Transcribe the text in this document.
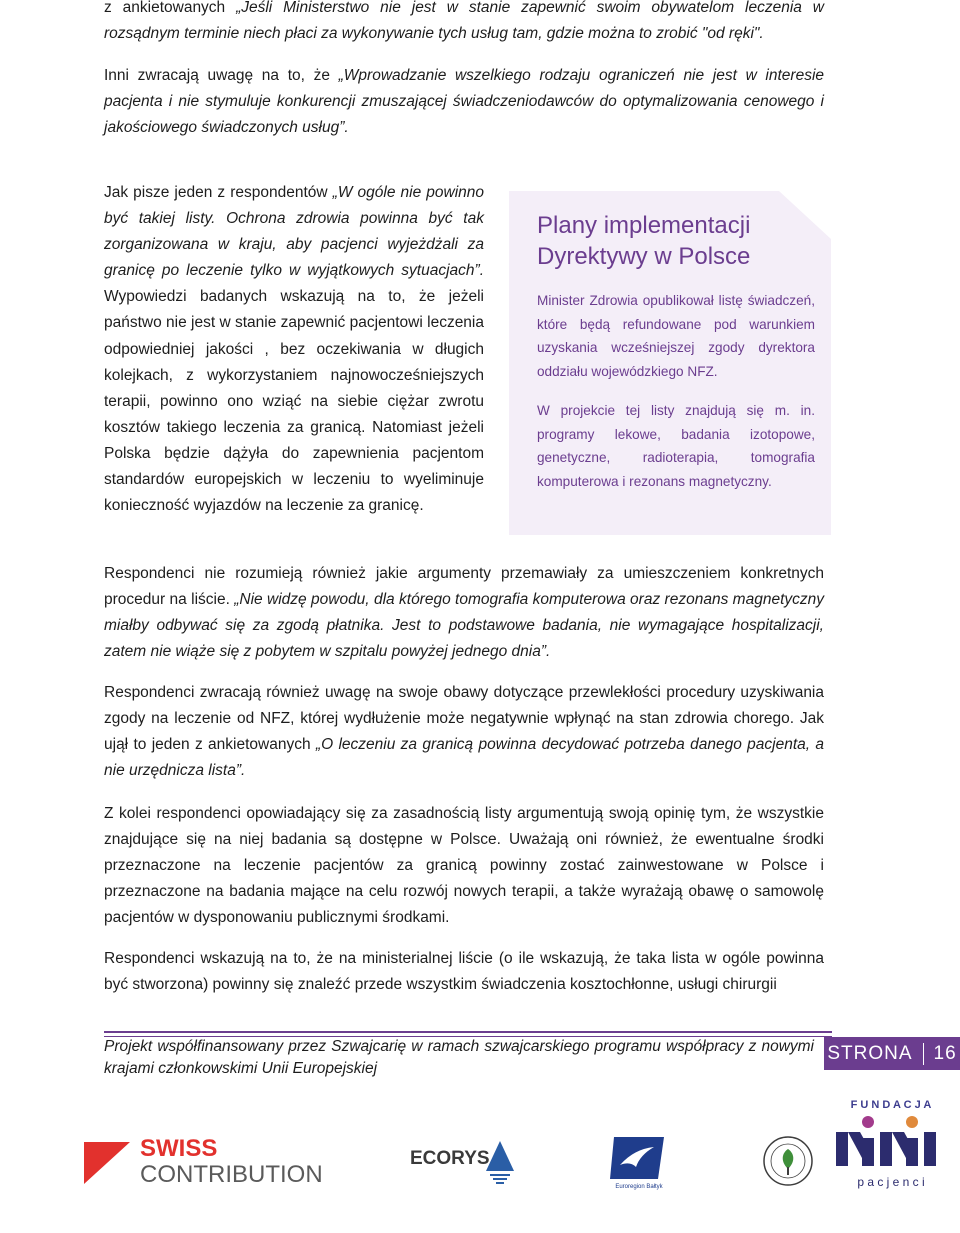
z ankietowanych „Jeśli Ministerstwo nie jest w stanie zapewnić swoim obywatelom leczenia w rozsądnym terminie niech płaci za wykonywanie tych usług tam, gdzie można to zrobić "od ręki".

Inni zwracają uwagę na to, że „Wprowadzanie wszelkiego rodzaju ograniczeń nie jest w interesie pacjenta i nie stymuluje konkurencji zmuszającej świadczeniodawców do optymalizowania cenowego i jakościowego świadczonych usług”.

Jak pisze jeden z respondentów „W ogóle nie powinno być takiej listy. Ochrona zdrowia powinna być tak zorganizowana w kraju, aby pacjenci wyjeżdżali za granicę po leczenie tylko w wyjątkowych sytuacjach”. Wypowiedzi badanych wskazują na to, że jeżeli państwo nie jest w stanie zapewnić pacjentowi leczenia odpowiedniej jakości , bez oczekiwania w długich kolejkach, z wykorzystaniem najnowocześniejszych terapii, powinno ono wziąć na siebie ciężar zwrotu kosztów takiego leczenia za granicą. Natomiast jeżeli Polska będzie dążyła do zapewnienia pacjentom standardów europejskich w leczeniu to wyeliminuje konieczność wyjazdów na leczenie za granicę.

Plany implementacji
Dyrektywy w Polsce

Minister Zdrowia opublikował listę świadczeń, które będą refundowane pod warunkiem uzyskania wcześniejszej zgody dyrektora oddziału wojewódzkiego NFZ.

W projekcie tej listy znajdują się m. in. programy lekowe, badania izotopowe, genetyczne, radioterapia, tomografia komputerowa i rezonans magnetyczny.

Respondenci nie rozumieją również jakie argumenty przemawiały za umieszczeniem konkretnych procedur na liście. „Nie widzę powodu, dla którego tomografia komputerowa oraz rezonans magnetyczny miałby odbywać się za zgodą płatnika. Jest to podstawowe badania, nie wymagające hospitalizacji, zatem nie wiąże się z pobytem w szpitalu powyżej jednego dnia”.

Respondenci zwracają również uwagę na swoje obawy dotyczące przewlekłości procedury uzyskiwania zgody na leczenie od NFZ, której wydłużenie może negatywnie wpłynąć na stan zdrowia chorego. Jak ujął to jeden z ankietowanych „O leczeniu za granicą powinna decydować potrzeba danego pacjenta, a nie urzędnicza lista”.

Z kolei respondenci opowiadający się za zasadnością listy argumentują swoją opinię tym, że wszystkie znajdujące się na niej badania są dostępne w Polsce. Uważają oni również, że ewentualne środki przeznaczone na leczenie pacjentów za granicą powinny zostać zainwestowane w Polsce i przeznaczone na badania mające na celu rozwój nowych terapii, a także wyrażają obawę o samowolę pacjentów w dysponowaniu publicznymi środkami.

Respondenci wskazują na to, że na ministerialnej liście (o ile wskazują, że taka lista w ogóle powinna być stworzona) powinny się znaleźć przede wszystkim świadczenia kosztochłonne, usługi chirurgii

Projekt współfinansowany przez Szwajcarię w ramach szwajcarskiego programu współpracy z nowymi krajami członkowskimi Unii Europejskiej
STRONA 16
SWISS
CONTRIBUTION
ECORYS
Euroregion Bałtyk
F U N D A C J A
p a c j e n c i
